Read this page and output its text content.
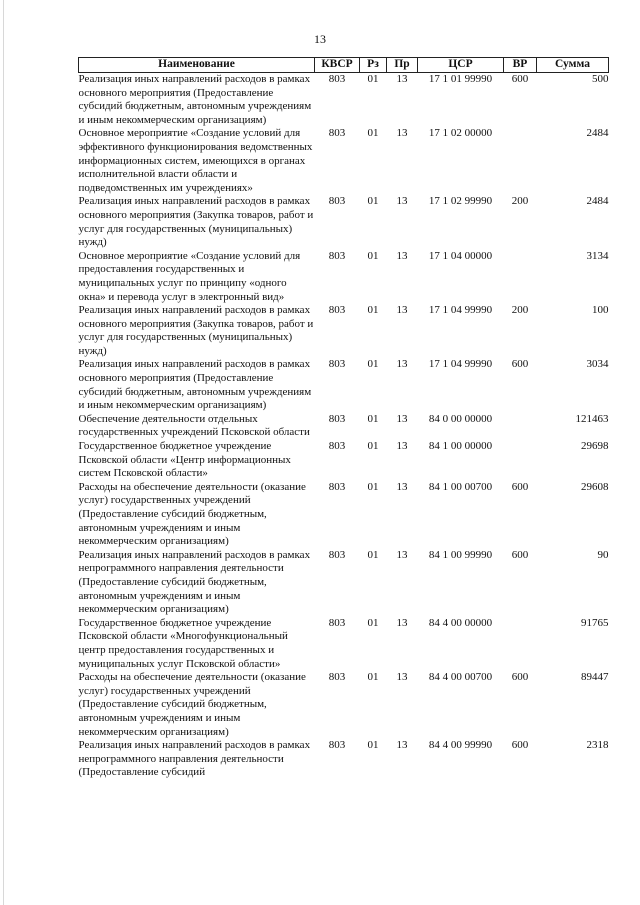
13
Наименование	КВСР	Рз	Пр	ЦСР	ВР	Сумма
Реализация иных направлений расходов в рамках основного мероприятия (Предоставление субсидий бюджетным, автономным учреждениям и иным некоммерческим организациям)	803	01	13	17 1 01 99990	600	500
Основное мероприятие «Создание условий для эффективного функционирования ведомственных информационных систем, имеющихся в органах исполнительной власти области и подведомственных им учреждениях»	803	01	13	17 1 02 00000		2484
Реализация иных направлений расходов в рамках основного мероприятия (Закупка товаров, работ и услуг для государственных (муниципальных) нужд)	803	01	13	17 1 02 99990	200	2484
Основное мероприятие «Создание условий для предоставления государственных и муниципальных услуг по принципу «одного окна» и перевода услуг в электронный вид»	803	01	13	17 1 04 00000		3134
Реализация иных направлений расходов в рамках основного мероприятия (Закупка товаров, работ и услуг для государственных (муниципальных) нужд)	803	01	13	17 1 04 99990	200	100
Реализация иных направлений расходов в рамках основного мероприятия (Предоставление субсидий бюджетным, автономным учреждениям и иным некоммерческим организациям)	803	01	13	17 1 04 99990	600	3034
Обеспечение деятельности отдельных государственных учреждений Псковской области	803	01	13	84 0 00 00000		121463
Государственное бюджетное учреждение Псковской области «Центр информационных систем Псковской области»	803	01	13	84 1 00 00000		29698
Расходы на обеспечение деятельности (оказание услуг) государственных учреждений (Предоставление субсидий бюджетным, автономным учреждениям и иным некоммерческим организациям)	803	01	13	84 1 00 00700	600	29608
Реализация иных направлений расходов в рамках непрограммного направления деятельности (Предоставление субсидий бюджетным, автономным учреждениям и иным некоммерческим организациям)	803	01	13	84 1 00 99990	600	90
Государственное бюджетное учреждение Псковской области «Многофункциональный центр предоставления государственных и муниципальных услуг Псковской области»	803	01	13	84 4 00 00000		91765
Расходы на обеспечение деятельности (оказание услуг) государственных учреждений (Предоставление субсидий бюджетным, автономным учреждениям и иным некоммерческим организациям)	803	01	13	84 4 00 00700	600	89447
Реализация иных направлений расходов в рамках непрограммного направления деятельности (Предоставление субсидий	803	01	13	84 4 00 99990	600	2318
